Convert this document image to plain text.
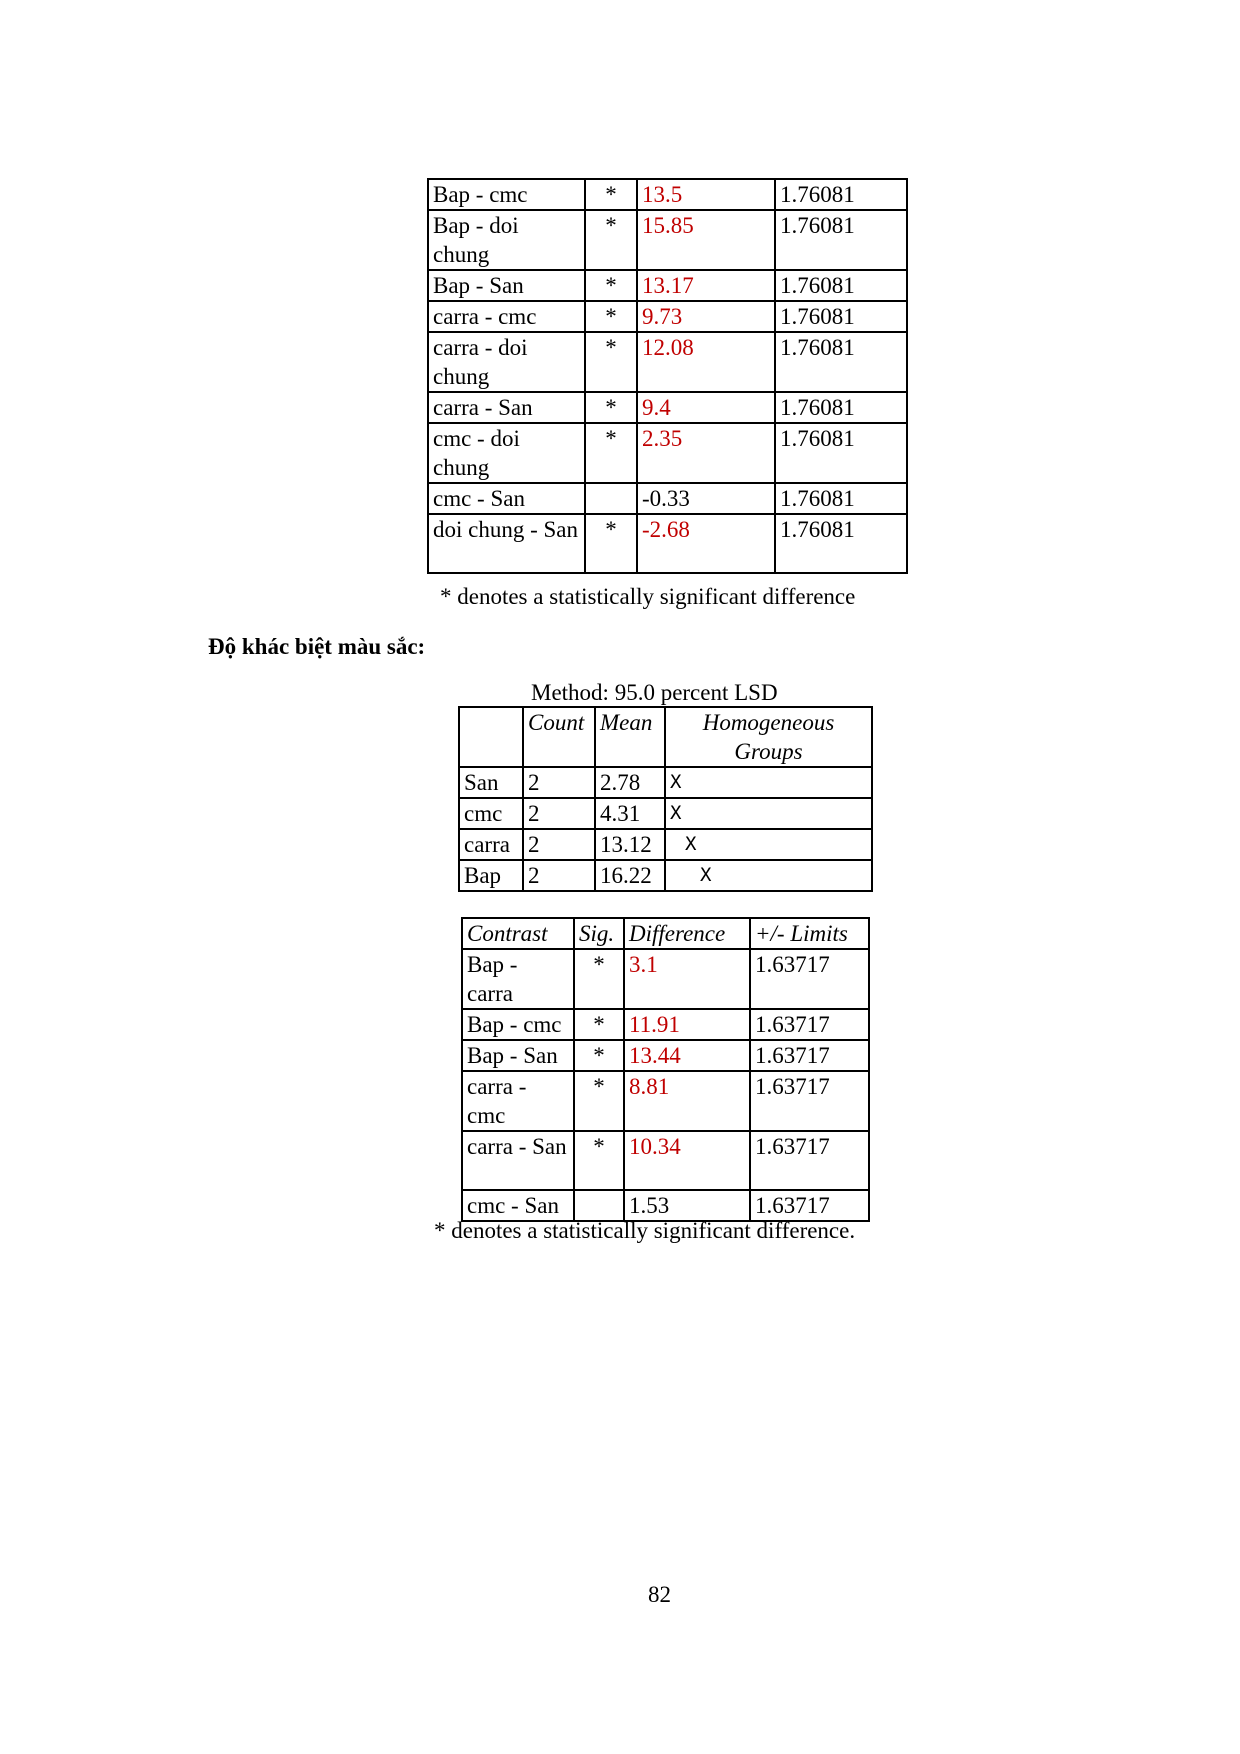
Bap - cmc	*	13.5	1.76081
Bap - doi chung	*	15.85	1.76081
Bap - San	*	13.17	1.76081
carra - cmc	*	9.73	1.76081
carra - doi chung	*	12.08	1.76081
carra - San	*	9.4	1.76081
cmc - doi chung	*	2.35	1.76081
cmc - San		-0.33	1.76081
doi chung - San	*	-2.68	1.76081
* denotes a statistically significant difference
Độ khác biệt màu sắc:
Method: 95.0 percent LSD
	Count	Mean	Homogeneous Groups
San	2	2.78	X
cmc	2	4.31	X
carra	2	13.12	X
Bap	2	16.22	X
Contrast	Sig.	Difference	+/- Limits
Bap - carra	*	3.1	1.63717
Bap - cmc	*	11.91	1.63717
Bap - San	*	13.44	1.63717
carra - cmc	*	8.81	1.63717
carra - San	*	10.34	1.63717
cmc - San		1.53	1.63717
* denotes a statistically significant difference.
82
